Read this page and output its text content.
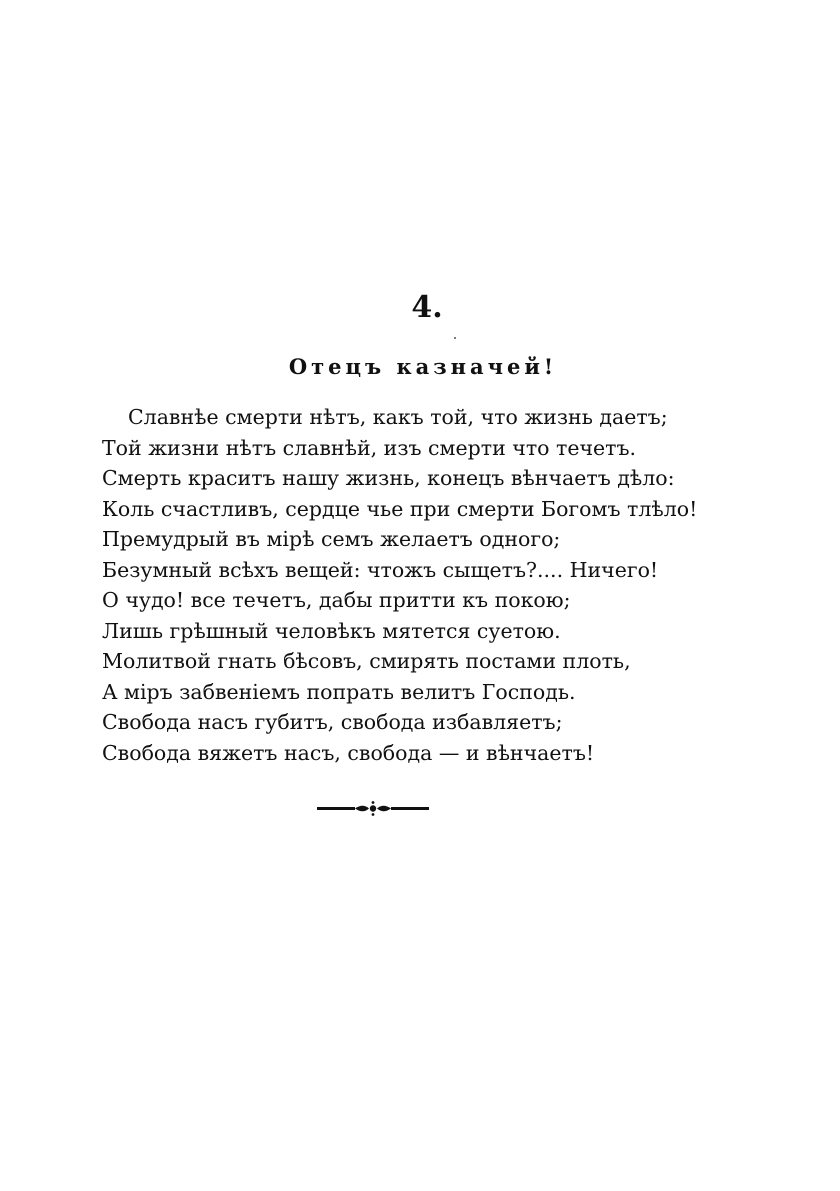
4.
Отецъ казначей!
Славнѣе смерти нѣтъ, какъ той, что жизнь даетъ;
Той жизни нѣтъ славнѣй, изъ смерти что течетъ.
Смерть краситъ нашу жизнь, конецъ вѣнчаетъ дѣло:
Коль счастливъ, сердце чье при смерти Богомъ тлѣло!
Премудрый въ мірѣ семъ желаетъ одного;
Безумный всѣхъ вещей: чтожъ сыщетъ?.... Ничего!
О чудо! все течетъ, дабы притти къ покою;
Лишь грѣшный человѣкъ мятется суетою.
Молитвой гнать бѣсовъ, смирять постами плоть,
А міръ забвеніемъ попрать велитъ Господь.
Свобода насъ губитъ, свобода избавляетъ;
Свобода вяжетъ насъ, свобода — и вѣнчаетъ!
